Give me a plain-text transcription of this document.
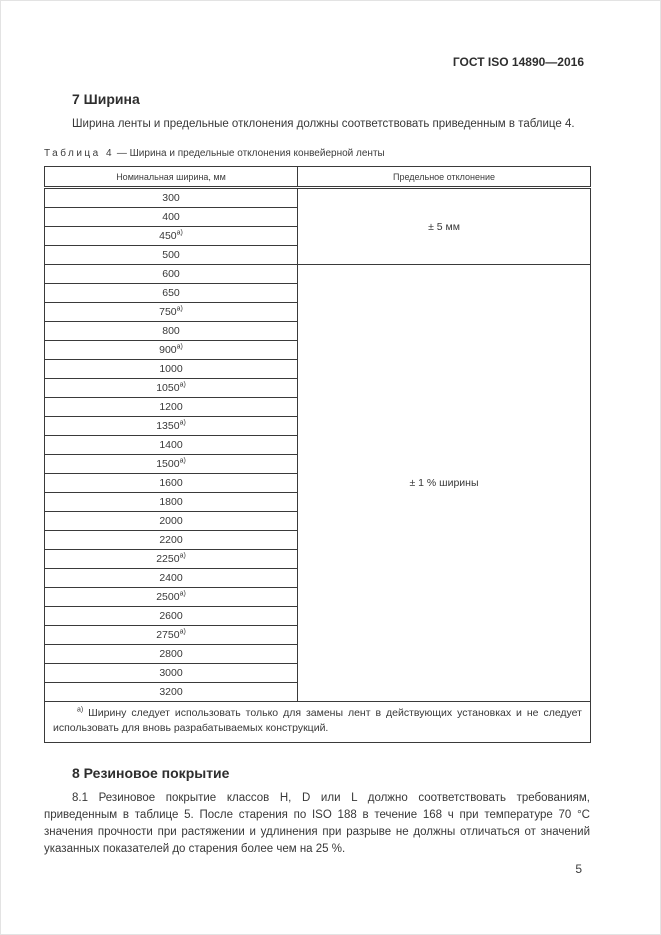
ГОСТ ISO 14890—2016
7 Ширина

Ширина ленты и предельные отклонения должны соответствовать приведенным в таблице 4.

Таблица 4 — Ширина и предельные отклонения конвейерной ленты
Номинальная ширина, мм	Предельное отклонение
300	± 5 мм
400	
450$^{a)}$
500	
600	± 1 % ширины
650	
750$^{a)}$
800	
900$^{a)}$
1000	
1050$^{a)}$
1200	
1350$^{a)}$
1400	
1500$^{a)}$
1600	
1800	
2000	
2200	
2250$^{a)}$
2400	
2500$^{a)}$
2600	
2750$^{a)}$
2800	
3000	
3200	
$^{a)}$ Ширину следует использовать только для замены лент в действующих установках и не следует использовать для вновь разрабатываемых конструкций.	
8 Резиновое покрытие

8.1 Резиновое покрытие классов H, D или L должно соответствовать требованиям, приведенным в таблице 5. После старения по ISO 188 в течение 168 ч при температуре 70 °С значения прочности при растяжении и удлинения при разрыве не должны отличаться от значений указанных показателей до старения более чем на 25 %.

5
